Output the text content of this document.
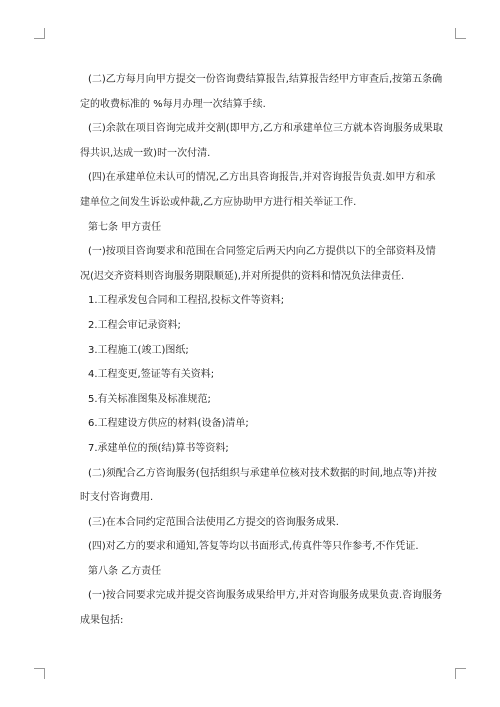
(二)乙方每月向甲方提交一份咨询费结算报告,结算报告经甲方审查后,按第五条确

定的收费标准的 %每月办理一次结算手续.

(三)余款在项目咨询完成并交割(即甲方,乙方和承建单位三方就本咨询服务成果取

得共识,达成一致)时一次付清.

(四)在承建单位未认可的情况,乙方出具咨询报告,并对咨询报告负责.如甲方和承

建单位之间发生诉讼或仲裁,乙方应协助甲方进行相关举证工作.

第七条 甲方责任

(一)按项目咨询要求和范围在合同签定后两天内向乙方提供以下的全部资料及情

况(迟交齐资料则咨询服务期限顺延),并对所提供的资料和情况负法律责任.

1.工程承发包合同和工程招,投标文件等资料;

2.工程会审记录资料;

3.工程施工(竣工)图纸;

4.工程变更,签证等有关资料;

5.有关标准图集及标准规范;

6.工程建设方供应的材料(设备)清单;

7.承建单位的预(结)算书等资料;

(二)须配合乙方咨询服务(包括组织与承建单位核对技术数据的时间,地点等)并按

时支付咨询费用.

(三)在本合同约定范围合法使用乙方提交的咨询服务成果.

(四)对乙方的要求和通知,答复等均以书面形式,传真件等只作参考,不作凭证.

第八条 乙方责任

(一)按合同要求完成并提交咨询服务成果给甲方,并对咨询服务成果负责.咨询服务

成果包括:
